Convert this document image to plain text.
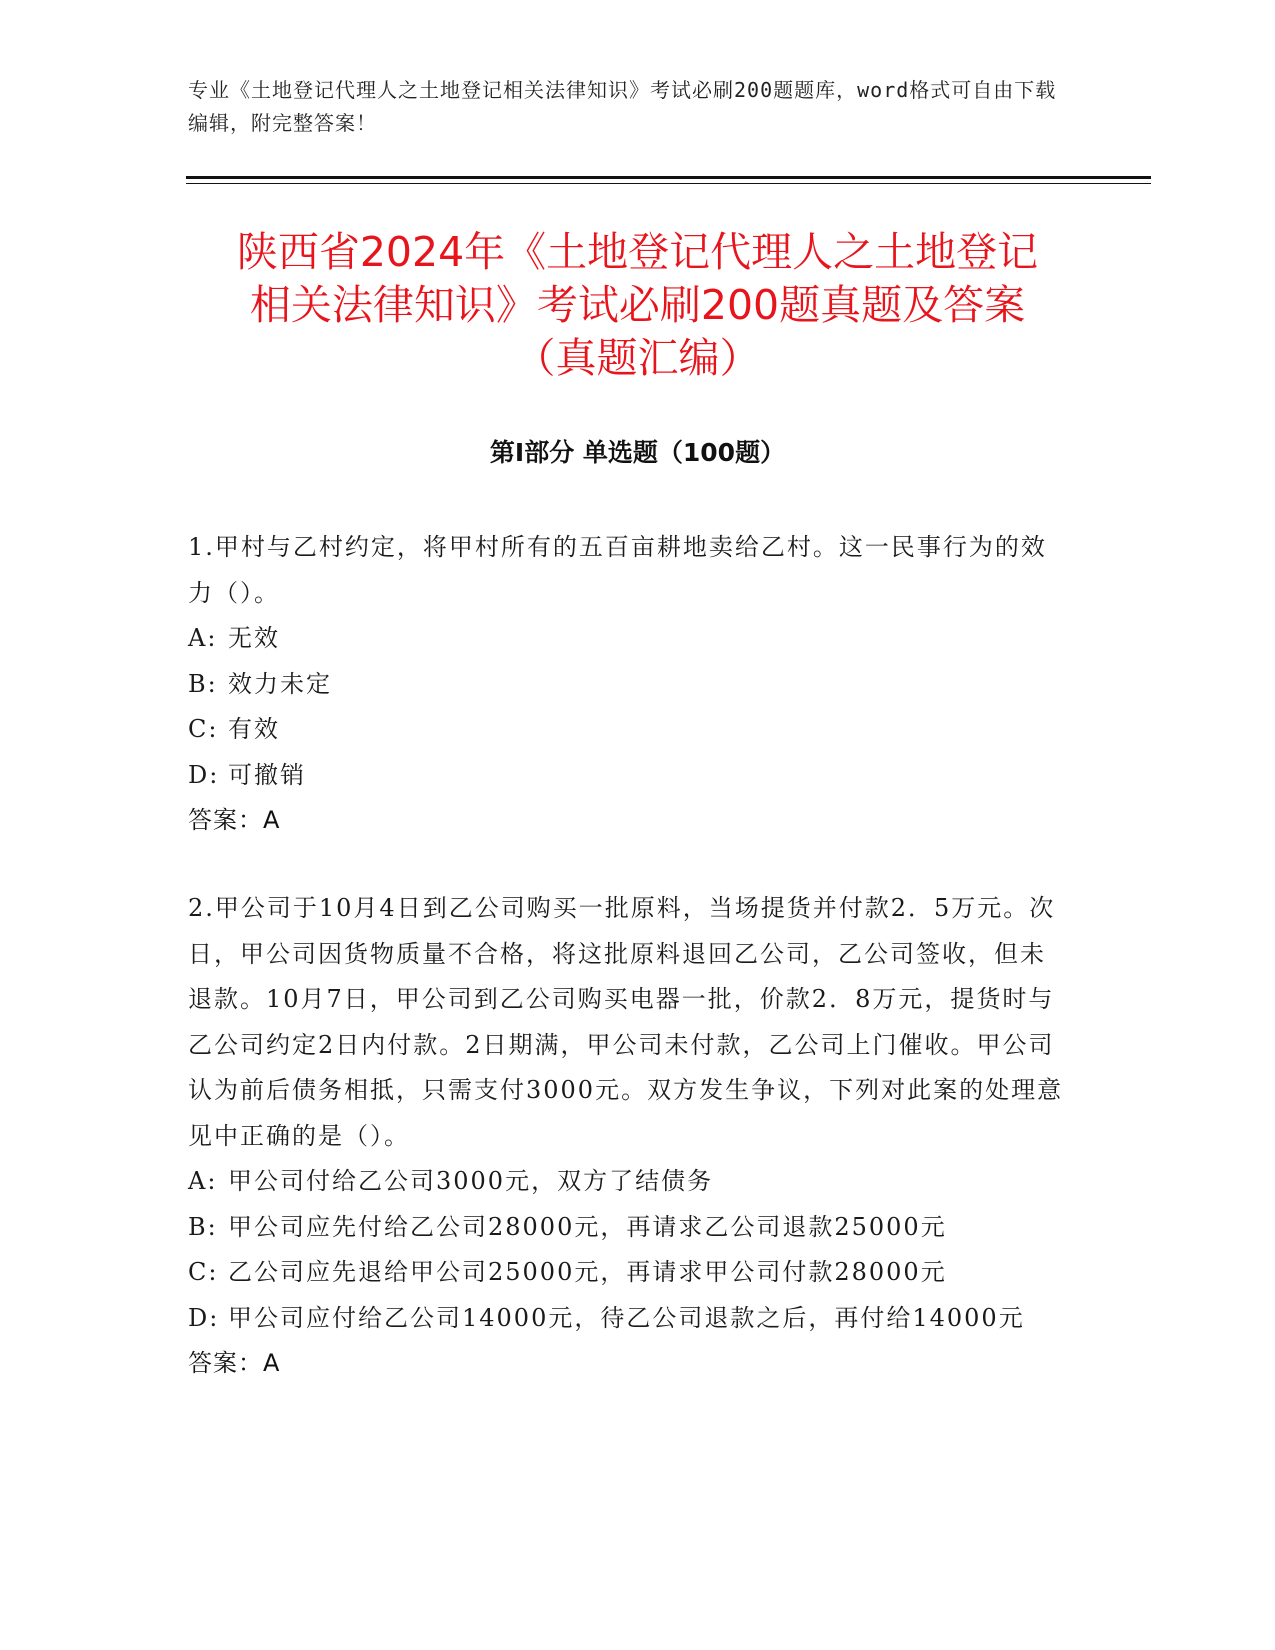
专业《土地登记代理人之土地登记相关法律知识》考试必刷200题题库，word格式可自由下载编辑，附完整答案！
陕西省2024年《土地登记代理人之土地登记
相关法律知识》考试必刷200题真题及答案
（真题汇编）
第Ⅰ部分 单选题（100题）

1.甲村与乙村约定，将甲村所有的五百亩耕地卖给乙村。这一民事行为的效力（）。

A: 无效

B: 效力未定

C: 有效

D: 可撤销

答案：A

2.甲公司于10月4日到乙公司购买一批原料，当场提货并付款2．5万元。次日，甲公司因货物质量不合格，将这批原料退回乙公司，乙公司签收，但未退款。10月7日，甲公司到乙公司购买电器一批，价款2．8万元，提货时与乙公司约定2日内付款。2日期满，甲公司未付款，乙公司上门催收。甲公司认为前后债务相抵，只需支付3000元。双方发生争议，下列对此案的处理意见中正确的是（）。

A: 甲公司付给乙公司3000元，双方了结债务

B: 甲公司应先付给乙公司28000元，再请求乙公司退款25000元

C: 乙公司应先退给甲公司25000元，再请求甲公司付款28000元

D: 甲公司应付给乙公司14000元，待乙公司退款之后，再付给14000元

答案：A
